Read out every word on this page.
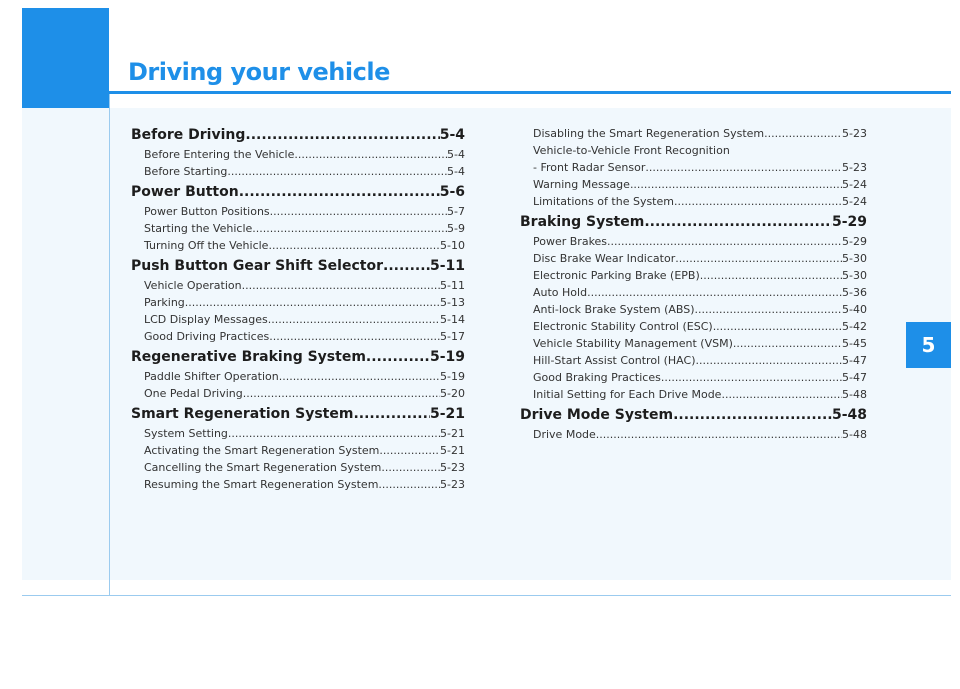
Driving your vehicle
5
Before Driving .....	5-4
Before Entering the Vehicle .....	5-4
Before Starting .....	5-4
Power Button .....	5-6
Power Button Positions .....	5-7
Starting the Vehicle .....	5-9
Turning Off the Vehicle .....	5-10
Push Button Gear Shift Selector .....	5-11
Vehicle Operation .....	5-11
Parking .....	5-13
LCD Display Messages .....	5-14
Good Driving Practices .....	5-17
Regenerative Braking System .....	5-19
Paddle Shifter Operation .....	5-19
One Pedal Driving .....	5-20
Smart Regeneration System .....	5-21
System Setting .....	5-21
Activating the Smart Regeneration System .....	5-21
Cancelling the Smart Regeneration System .....	5-23
Resuming the Smart Regeneration System .....	5-23
Disabling the Smart Regeneration System .....	5-23
Vehicle-to-Vehicle Front Recognition
- Front Radar Sensor .....	5-23
Warning Message .....	5-24
Limitations of the System .....	5-24
Braking System .....	5-29
Power Brakes .....	5-29
Disc Brake Wear Indicator .....	5-30
Electronic Parking Brake (EPB) .....	5-30
Auto Hold .....	5-36
Anti-lock Brake System (ABS) .....	5-40
Electronic Stability Control (ESC) .....	5-42
Vehicle Stability Management (VSM) .....	5-45
Hill-Start Assist Control (HAC) .....	5-47
Good Braking Practices .....	5-47
Initial Setting for Each Drive Mode .....	5-48
Drive Mode System .....	5-48
Drive Mode .....	5-48
